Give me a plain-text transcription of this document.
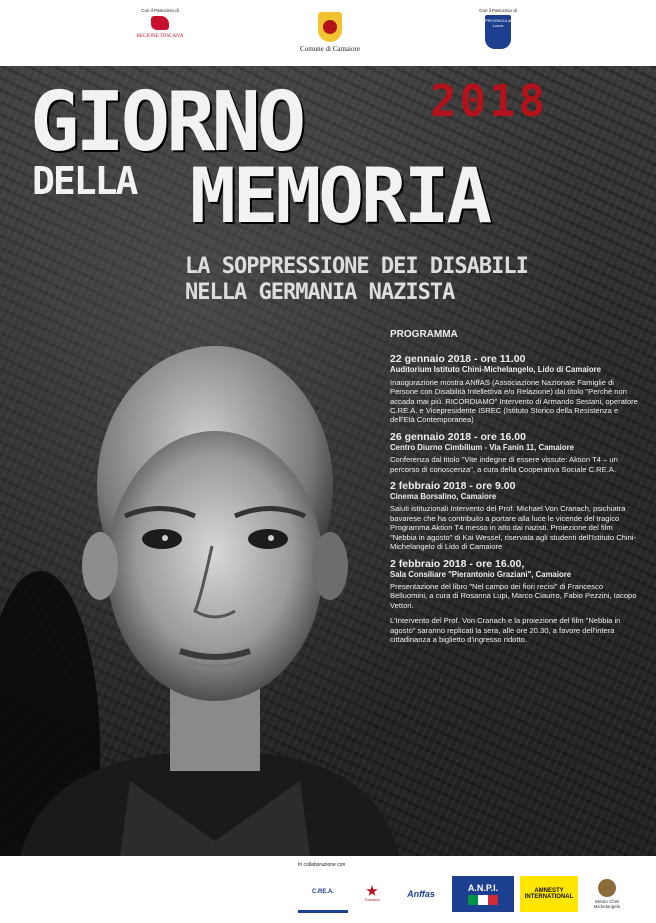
Con il Patrocinio di
REGIONE TOSCANA
Comune di Camaiore
Con il Patrocinio di
PROVINCIA di Lucca
GIORNO	2018
DELLA MEMORIA
LA SOPPRESSIONE DEI DISABILI
NELLA GERMANIA NAZISTA
PROGRAMMA
22 gennaio 2018 - ore 11.00
Auditorium Istituto Chini-Michelangelo, Lido di Camaiore
Inaugurazione mostra ANffAS (Associazione Nazionale Famiglie di Persone con Disabilità Intellettiva e/o Relazione) dal titolo "Perché non accada mai più. RICORDIAMO" Intervento di Armando Sestani, operatore C.RE.A. e Vicepresidente ISREC (Istituto Storico della Resistenza e dell'Età Contemporanea)
26 gennaio 2018 - ore 16.00
Centro Diurno Cimbilium - Via Fanin 11, Camaiore
Conferenza dal titolo "Vite indegne di essere vissute: Aktion T4 – un percorso di conoscenza", a cura della Cooperativa Sociale C.RE.A.
2 febbraio 2018 - ore 9.00
Cinema Borsalino, Camaiore
Saluti istituzionali Intervento del Prof. Michael Von Cranach, psichiatra bavarese che ha contribuito a portare alla luce le vicende del tragico Programma Aktion T4 messo in atto dai nazisti. Proiezione del film "Nebbia in agosto" di Kai Wessel, riservata agli studenti dell'Istituto Chini-Michelangelo di Lido di Camaiore
2 febbraio 2018 - ore 16.00,
Sala Consiliare "Pierantonio Graziani", Camaiore
Presentazione del libro "Nel campo dei fiori recisi" di Francesco Belluomini, a cura di Rosanna Lupi, Marco Ciaurro, Fabio Pezzini, Iacopo Vettori.
L'Intervento del Prof. Von Cranach e la proiezione del film "Nebbia in agosto" saranno replicati la sera, alle ore 20.30, a favore dell'intera cittadinanza a biglietto d'ingresso ridotto.
In collaborazione con
C.RE.A.
Toscana
Anffas
A.N.P.I.	AMNESTY INTERNATIONAL
Istituto Chini Michelangelo
